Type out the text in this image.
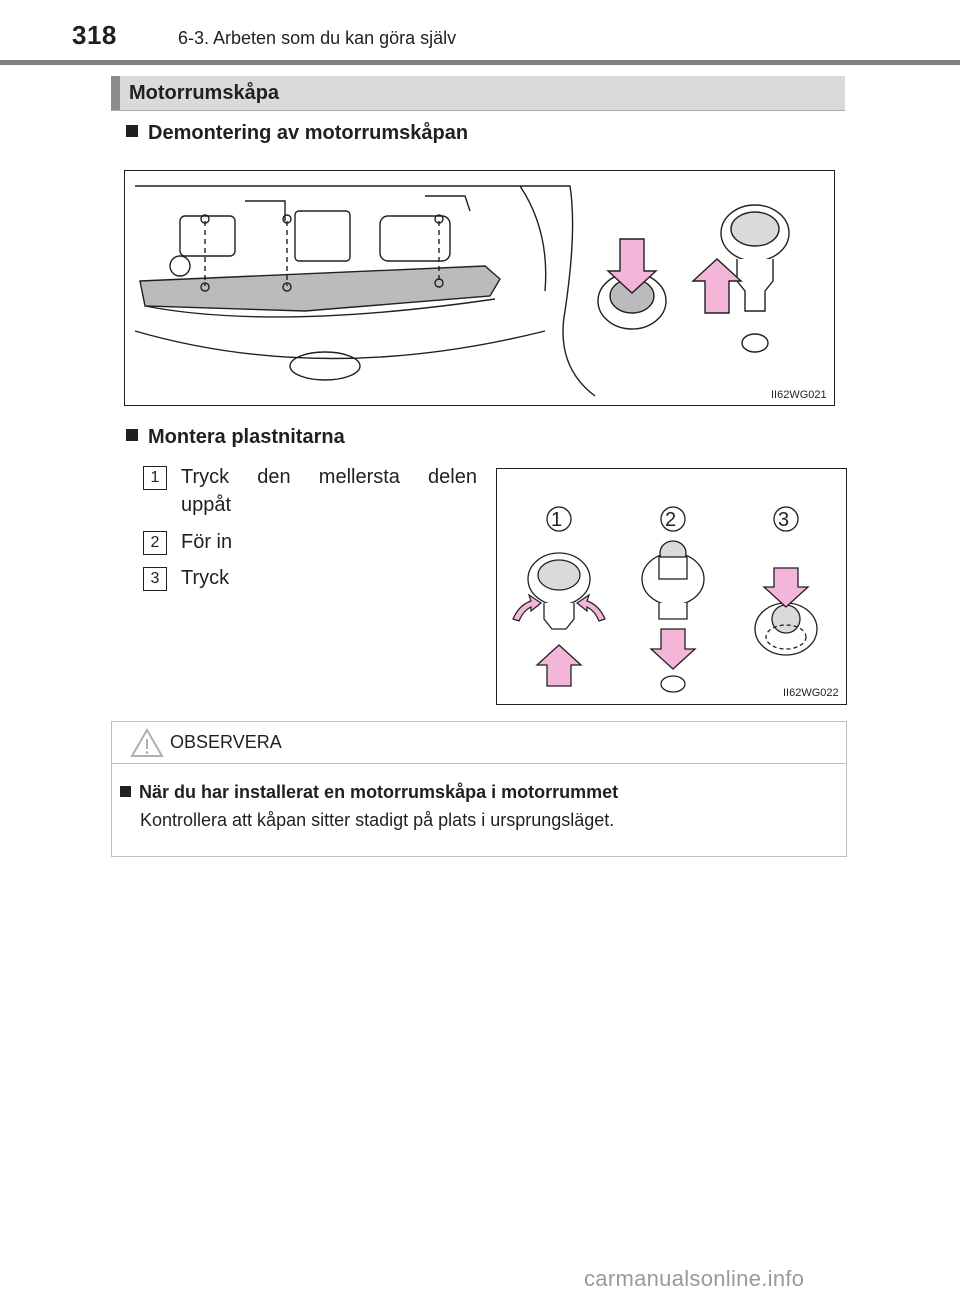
318	6-3. Arbeten som du kan göra själv
Motorrumskåpa
Demontering av motorrumskåpan
II62WG021
Montera plastnitarna
1	Tryck den mellersta delen
uppåt
2	För in
3	Tryck
1	2	3
II62WG022
OBSERVERA
När du har installerat en motorrumskåpa i motorrummet
Kontrollera att kåpan sitter stadigt på plats i ursprungsläget.
carmanualsonline.info
